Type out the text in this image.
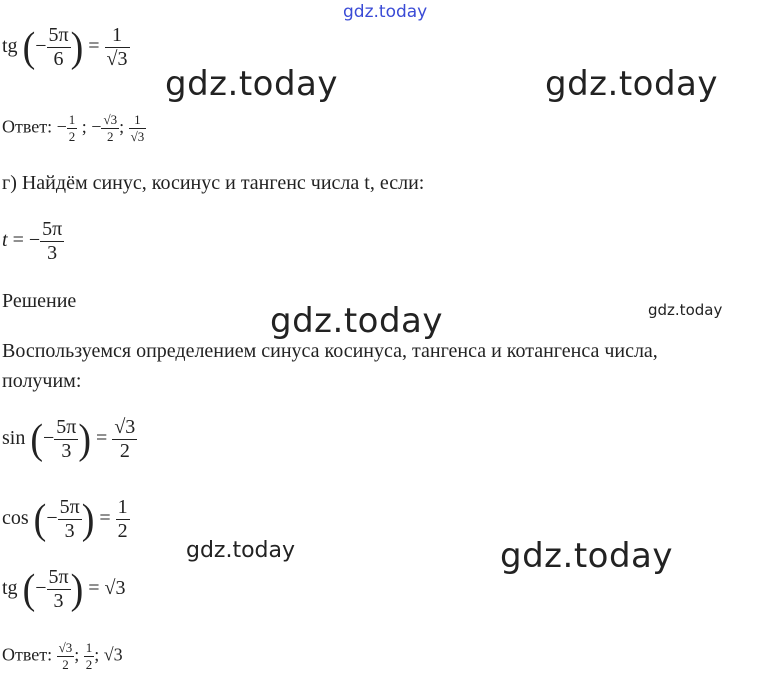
gdz.today
gdz.today	gdz.today
gdz.today	gdz.today
gdz.today	gdz.today
tg (− $\frac{5\pi}{6}$ ) = $\frac{1}{√3}$
Ответ: − $\frac{1}{2}$ ; − $\frac{√3}{2}$ ; $\frac{1}{√3}$
г) Найдём синус, косинус и тангенс числа t, если:
t = − $\frac{5\pi}{3}$
Решение
Воспользуемся определением синуса косинуса, тангенса и котангенса числа,
получим:
sin (− $\frac{5\pi}{3}$ ) = $\frac{√3}{2}$
cos (− $\frac{5\pi}{3}$ ) = $\frac{1}{2}$
tg (− $\frac{5\pi}{3}$ ) = √3
Ответ: $\frac{√3}{2}$ ; $\frac{1}{2}$ ; √3
